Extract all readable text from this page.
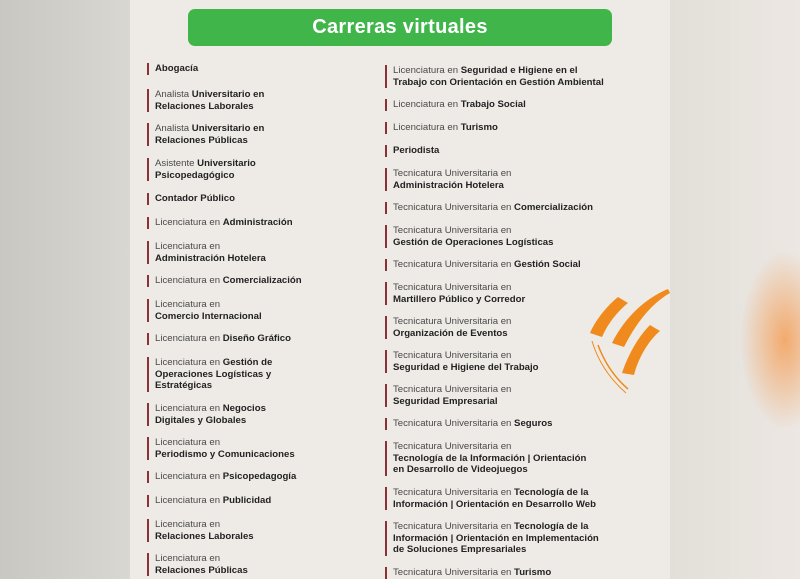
Carreras virtuales
Abogacía
Analista Universitario en
Relaciones Laborales
Analista Universitario en
Relaciones Públicas
Asistente Universitario
Psicopedagógico
Contador Público
Licenciatura en Administración
Licenciatura en
Administración Hotelera
Licenciatura en Comercialización
Licenciatura en
Comercio Internacional
Licenciatura en Diseño Gráfico
Licenciatura en Gestión de
Operaciones Logísticas y
Estratégicas
Licenciatura en Negocios
Digitales y Globales
Licenciatura en
Periodismo y Comunicaciones
Licenciatura en Psicopedagogía
Licenciatura en Publicidad
Licenciatura en
Relaciones Laborales
Licenciatura en
Relaciones Públicas
Licenciatura en Seguridad e Higiene en el
Trabajo con Orientación en Gestión Ambiental
Licenciatura en Trabajo Social
Licenciatura en Turismo
Periodista
Tecnicatura Universitaria en
Administración Hotelera
Tecnicatura Universitaria en Comercialización
Tecnicatura Universitaria en
Gestión de Operaciones Logísticas
Tecnicatura Universitaria en Gestión Social
Tecnicatura Universitaria en
Martillero Público y Corredor
Tecnicatura Universitaria en
Organización de Eventos
Tecnicatura Universitaria en
Seguridad e Higiene del Trabajo
Tecnicatura Universitaria en
Seguridad Empresarial
Tecnicatura Universitaria en Seguros
Tecnicatura Universitaria en
Tecnología de la Información | Orientación
en Desarrollo de Videojuegos
Tecnicatura Universitaria en Tecnología de la
Información | Orientación en Desarrollo Web
Tecnicatura Universitaria en Tecnología de la
Información | Orientación en Implementación
de Soluciones Empresariales
Tecnicatura Universitaria en Turismo
